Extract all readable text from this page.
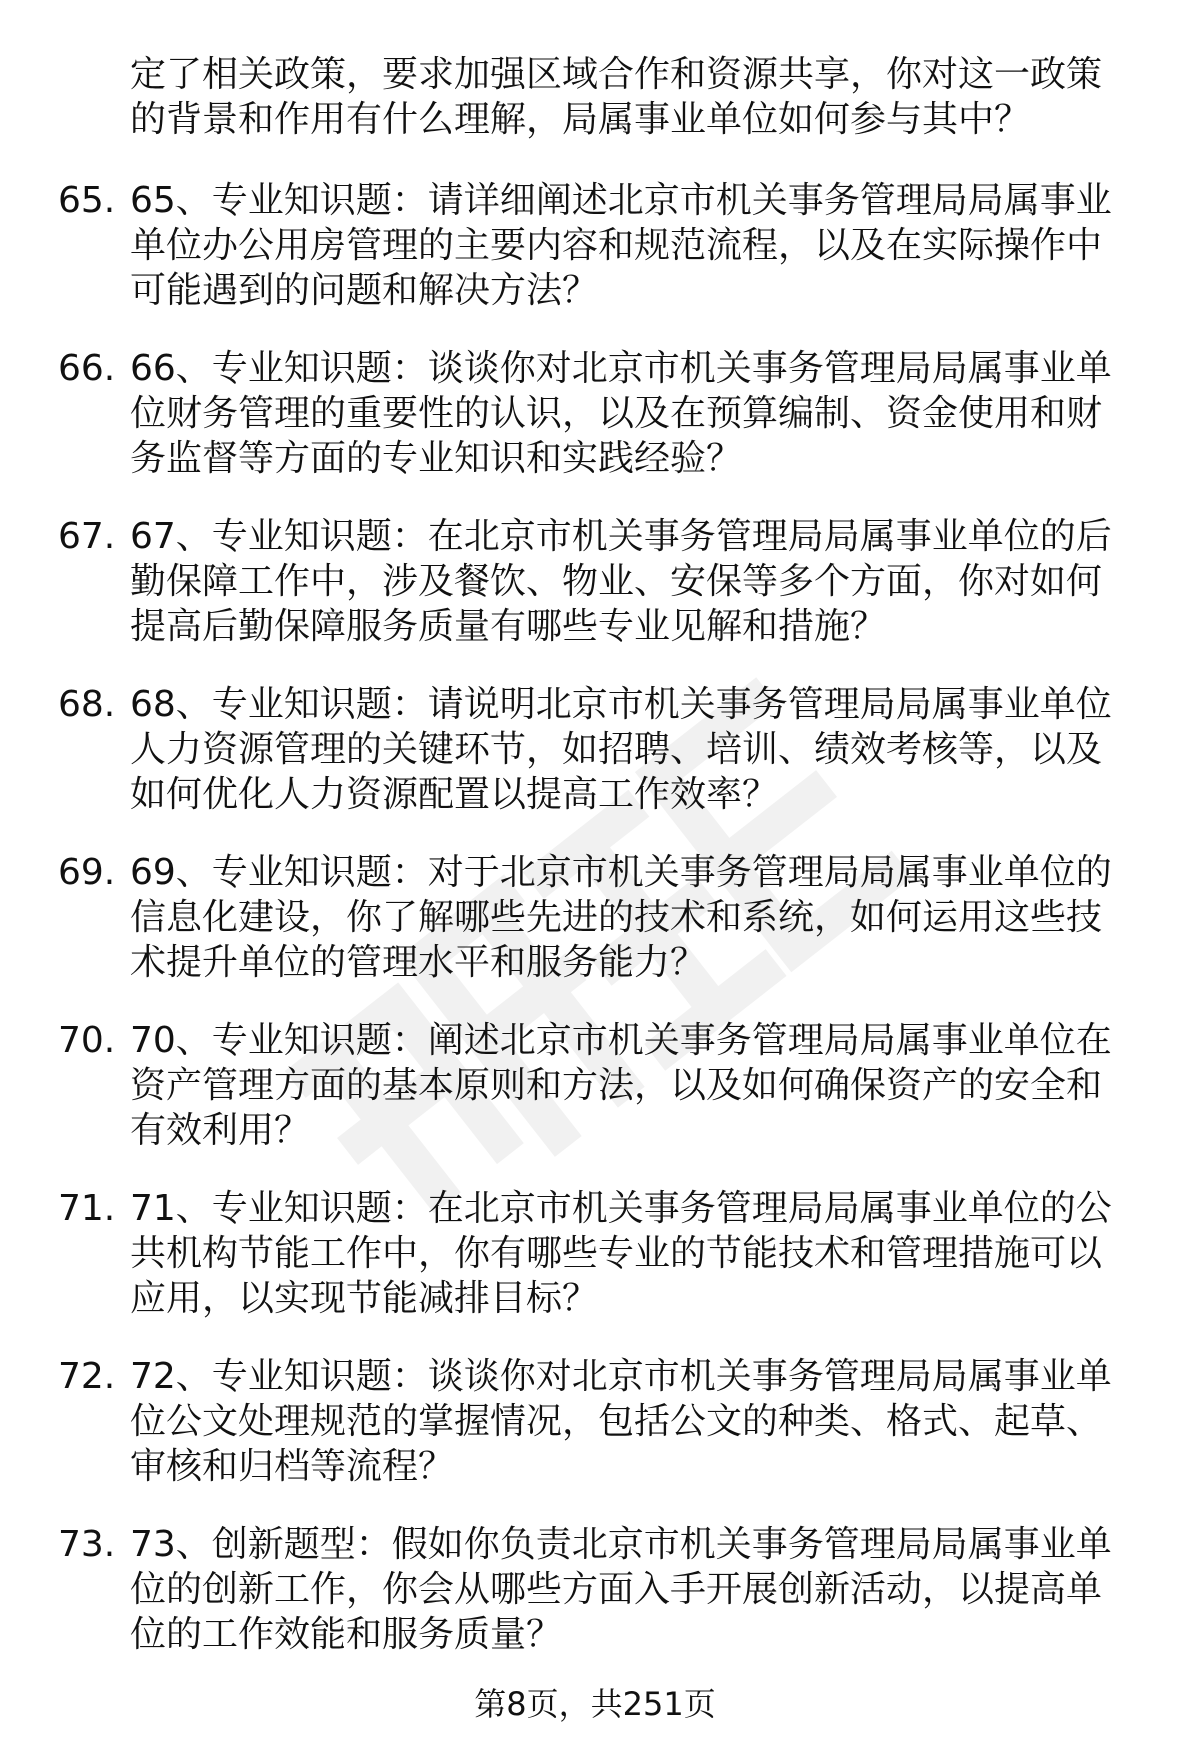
定了相关政策，要求加强区域合作和资源共享，你对这一政策的背景和作用有什么理解，局属事业单位如何参与其中？

65. 65、专业知识题：请详细阐述北京市机关事务管理局局属事业单位办公用房管理的主要内容和规范流程，以及在实际操作中可能遇到的问题和解决方法？
66. 66、专业知识题：谈谈你对北京市机关事务管理局局属事业单位财务管理的重要性的认识，以及在预算编制、资金使用和财务监督等方面的专业知识和实践经验？
67. 67、专业知识题：在北京市机关事务管理局局属事业单位的后勤保障工作中，涉及餐饮、物业、安保等多个方面，你对如何提高后勤保障服务质量有哪些专业见解和措施？
68. 68、专业知识题：请说明北京市机关事务管理局局属事业单位人力资源管理的关键环节，如招聘、培训、绩效考核等，以及如何优化人力资源配置以提高工作效率？
69. 69、专业知识题：对于北京市机关事务管理局局属事业单位的信息化建设，你了解哪些先进的技术和系统，如何运用这些技术提升单位的管理水平和服务能力？
70. 70、专业知识题：阐述北京市机关事务管理局局属事业单位在资产管理方面的基本原则和方法，以及如何确保资产的安全和有效利用？
71. 71、专业知识题：在北京市机关事务管理局局属事业单位的公共机构节能工作中，你有哪些专业的节能技术和管理措施可以应用，以实现节能减排目标？
72. 72、专业知识题：谈谈你对北京市机关事务管理局局属事业单位公文处理规范的掌握情况，包括公文的种类、格式、起草、审核和归档等流程？
73. 73、创新题型：假如你负责北京市机关事务管理局局属事业单位的创新工作，你会从哪些方面入手开展创新活动，以提高单位的工作效能和服务质量？
第8页，共251页
